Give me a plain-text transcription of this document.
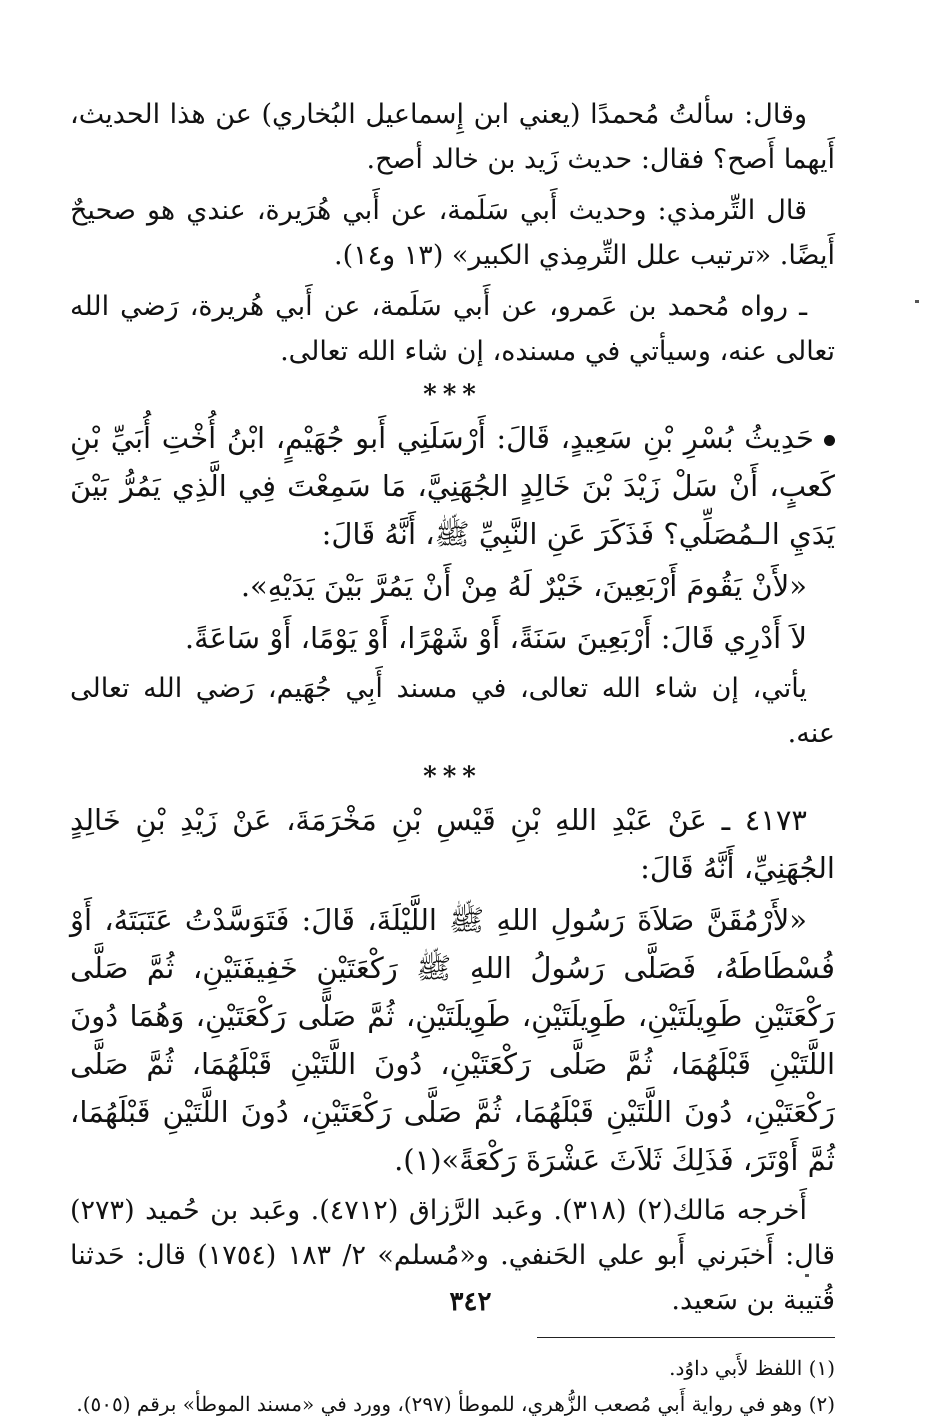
وقال: سألتُ مُحمدًا (يعني ابن إِسماعيل البُخاري) عن هذا الحديث، أَيهما أَصح؟ فقال: حديث زَيد بن خالد أصح.

قال التِّرمذي: وحديث أَبي سَلَمة، عن أَبي هُرَيرة، عندي هو صحيحٌ أَيضًا. «ترتيب علل التِّرمِذي الكبير» (١٣ و١٤).

ـ رواه مُحمد بن عَمرو، عن أَبي سَلَمة، عن أَبي هُريرة، رَضي الله تعالى عنه، وسيأتي في مسنده، إن شاء الله تعالى.

***

حَدِيثُ بُسْرِ بْنِ سَعِيدٍ، قَالَ: أَرْسَلَنِي أَبو جُهَيْمٍ، ابْنُ أُخْتِ أُبَيِّ بْنِ كَعبٍ، أَنْ سَلْ زَيْدَ بْنَ خَالِدٍ الجُهَنِيَّ، مَا سَمِعْتَ فِي الَّذِي يَمُرُّ بَيْنَ يَدَيِ الـمُصَلِّي؟ فَذَكَرَ عَنِ النَّبِيِّ ﷺ، أَنَّهُ قَالَ:

«لأَنْ يَقُومَ أَرْبَعِينَ، خَيْرٌ لَهُ مِنْ أَنْ يَمُرَّ بَيْنَ يَدَيْهِ».

لاَ أَدْرِي قَالَ: أَرْبَعِينَ سَنَةً، أَوْ شَهْرًا، أَوْ يَوْمًا، أَوْ سَاعَةً.

يأتي، إن شاء الله تعالى، في مسند أَبِي جُهَيم، رَضي الله تعالى عنه.

***

٤١٧٣ ـ عَنْ عَبْدِ اللهِ بْنِ قَيْسِ بْنِ مَخْرَمَةَ، عَنْ زَيْدِ بْنِ خَالِدٍ الجُهَنِيِّ، أَنَّهُ قَالَ:

«لأَرْمُقَنَّ صَلاَةَ رَسُولِ اللهِ ﷺ اللَّيْلَةَ، قَالَ: فَتَوَسَّدْتُ عَتَبَتَهُ، أَوْ فُسْطَاطَهُ، فَصَلَّى رَسُولُ اللهِ ﷺ رَكْعَتَيْنِ خَفِيفَتَيْنِ، ثُمَّ صَلَّى رَكْعَتَيْنِ طَوِيلَتَيْنِ، طَوِيلَتَيْنِ، طَوِيلَتَيْنِ، ثُمَّ صَلَّى رَكْعَتَيْنِ، وَهُمَا دُونَ اللَّتَيْنِ قَبْلَهُمَا، ثُمَّ صَلَّى رَكْعَتَيْنِ، دُونَ اللَّتَيْنِ قَبْلَهُمَا، ثُمَّ صَلَّى رَكْعَتَيْنِ، دُونَ اللَّتَيْنِ قَبْلَهُمَا، ثُمَّ صَلَّى رَكْعَتَيْنِ، دُونَ اللَّتَيْنِ قَبْلَهُمَا، ثُمَّ أَوْتَرَ، فَذَلِكَ ثَلاَثَ عَشْرَةَ رَكْعَةً»(١).

أَخرجه مَالك(٢) (٣١٨). وعَبد الرَّزاق (٤٧١٢). وعَبد بن حُميد (٢٧٣) قال: أَخبَرني أَبو علي الحَنفي. و«مُسلم» ٢/ ١٨٣ (١٧٥٤) قال: حَدثنا قُتيبة بن سَعيد.

(١) اللفظ لأَبي داوُد.

(٢) وهو في رواية أَبي مُصعب الزُّهري، للموطأ (٢٩٧)، وورد في «مسند الموطأ» برقم (٥٠٥).

٣٤٢
